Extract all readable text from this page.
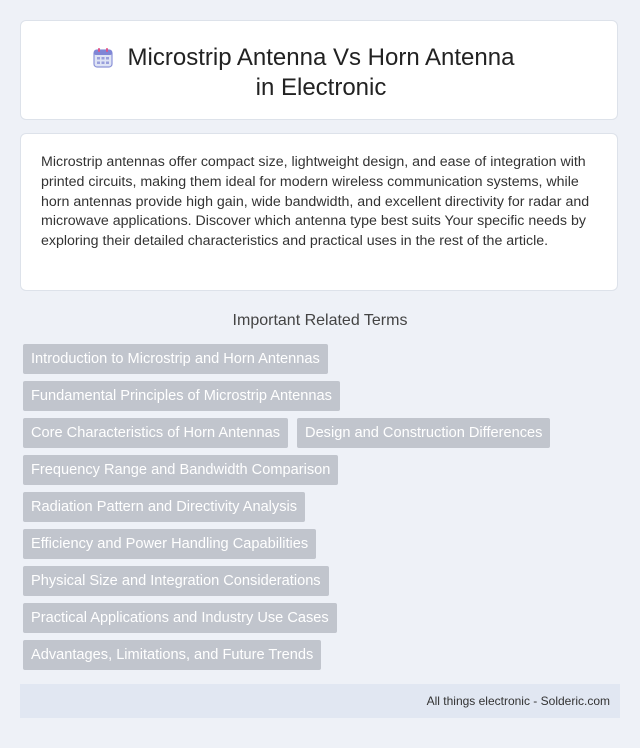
Microstrip Antenna Vs Horn Antenna in Electronic

Microstrip antennas offer compact size, lightweight design, and ease of integration with printed circuits, making them ideal for modern wireless communication systems, while horn antennas provide high gain, wide bandwidth, and excellent directivity for radar and microwave applications. Discover which antenna type best suits Your specific needs by exploring their detailed characteristics and practical uses in the rest of the article.

Important Related Terms
Introduction to Microstrip and Horn Antennas
Fundamental Principles of Microstrip Antennas
Core Characteristics of Horn Antennas	Design and Construction Differences
Frequency Range and Bandwidth Comparison
Radiation Pattern and Directivity Analysis
Efficiency and Power Handling Capabilities
Physical Size and Integration Considerations
Practical Applications and Industry Use Cases
Advantages, Limitations, and Future Trends
All things electronic - Solderic.com
